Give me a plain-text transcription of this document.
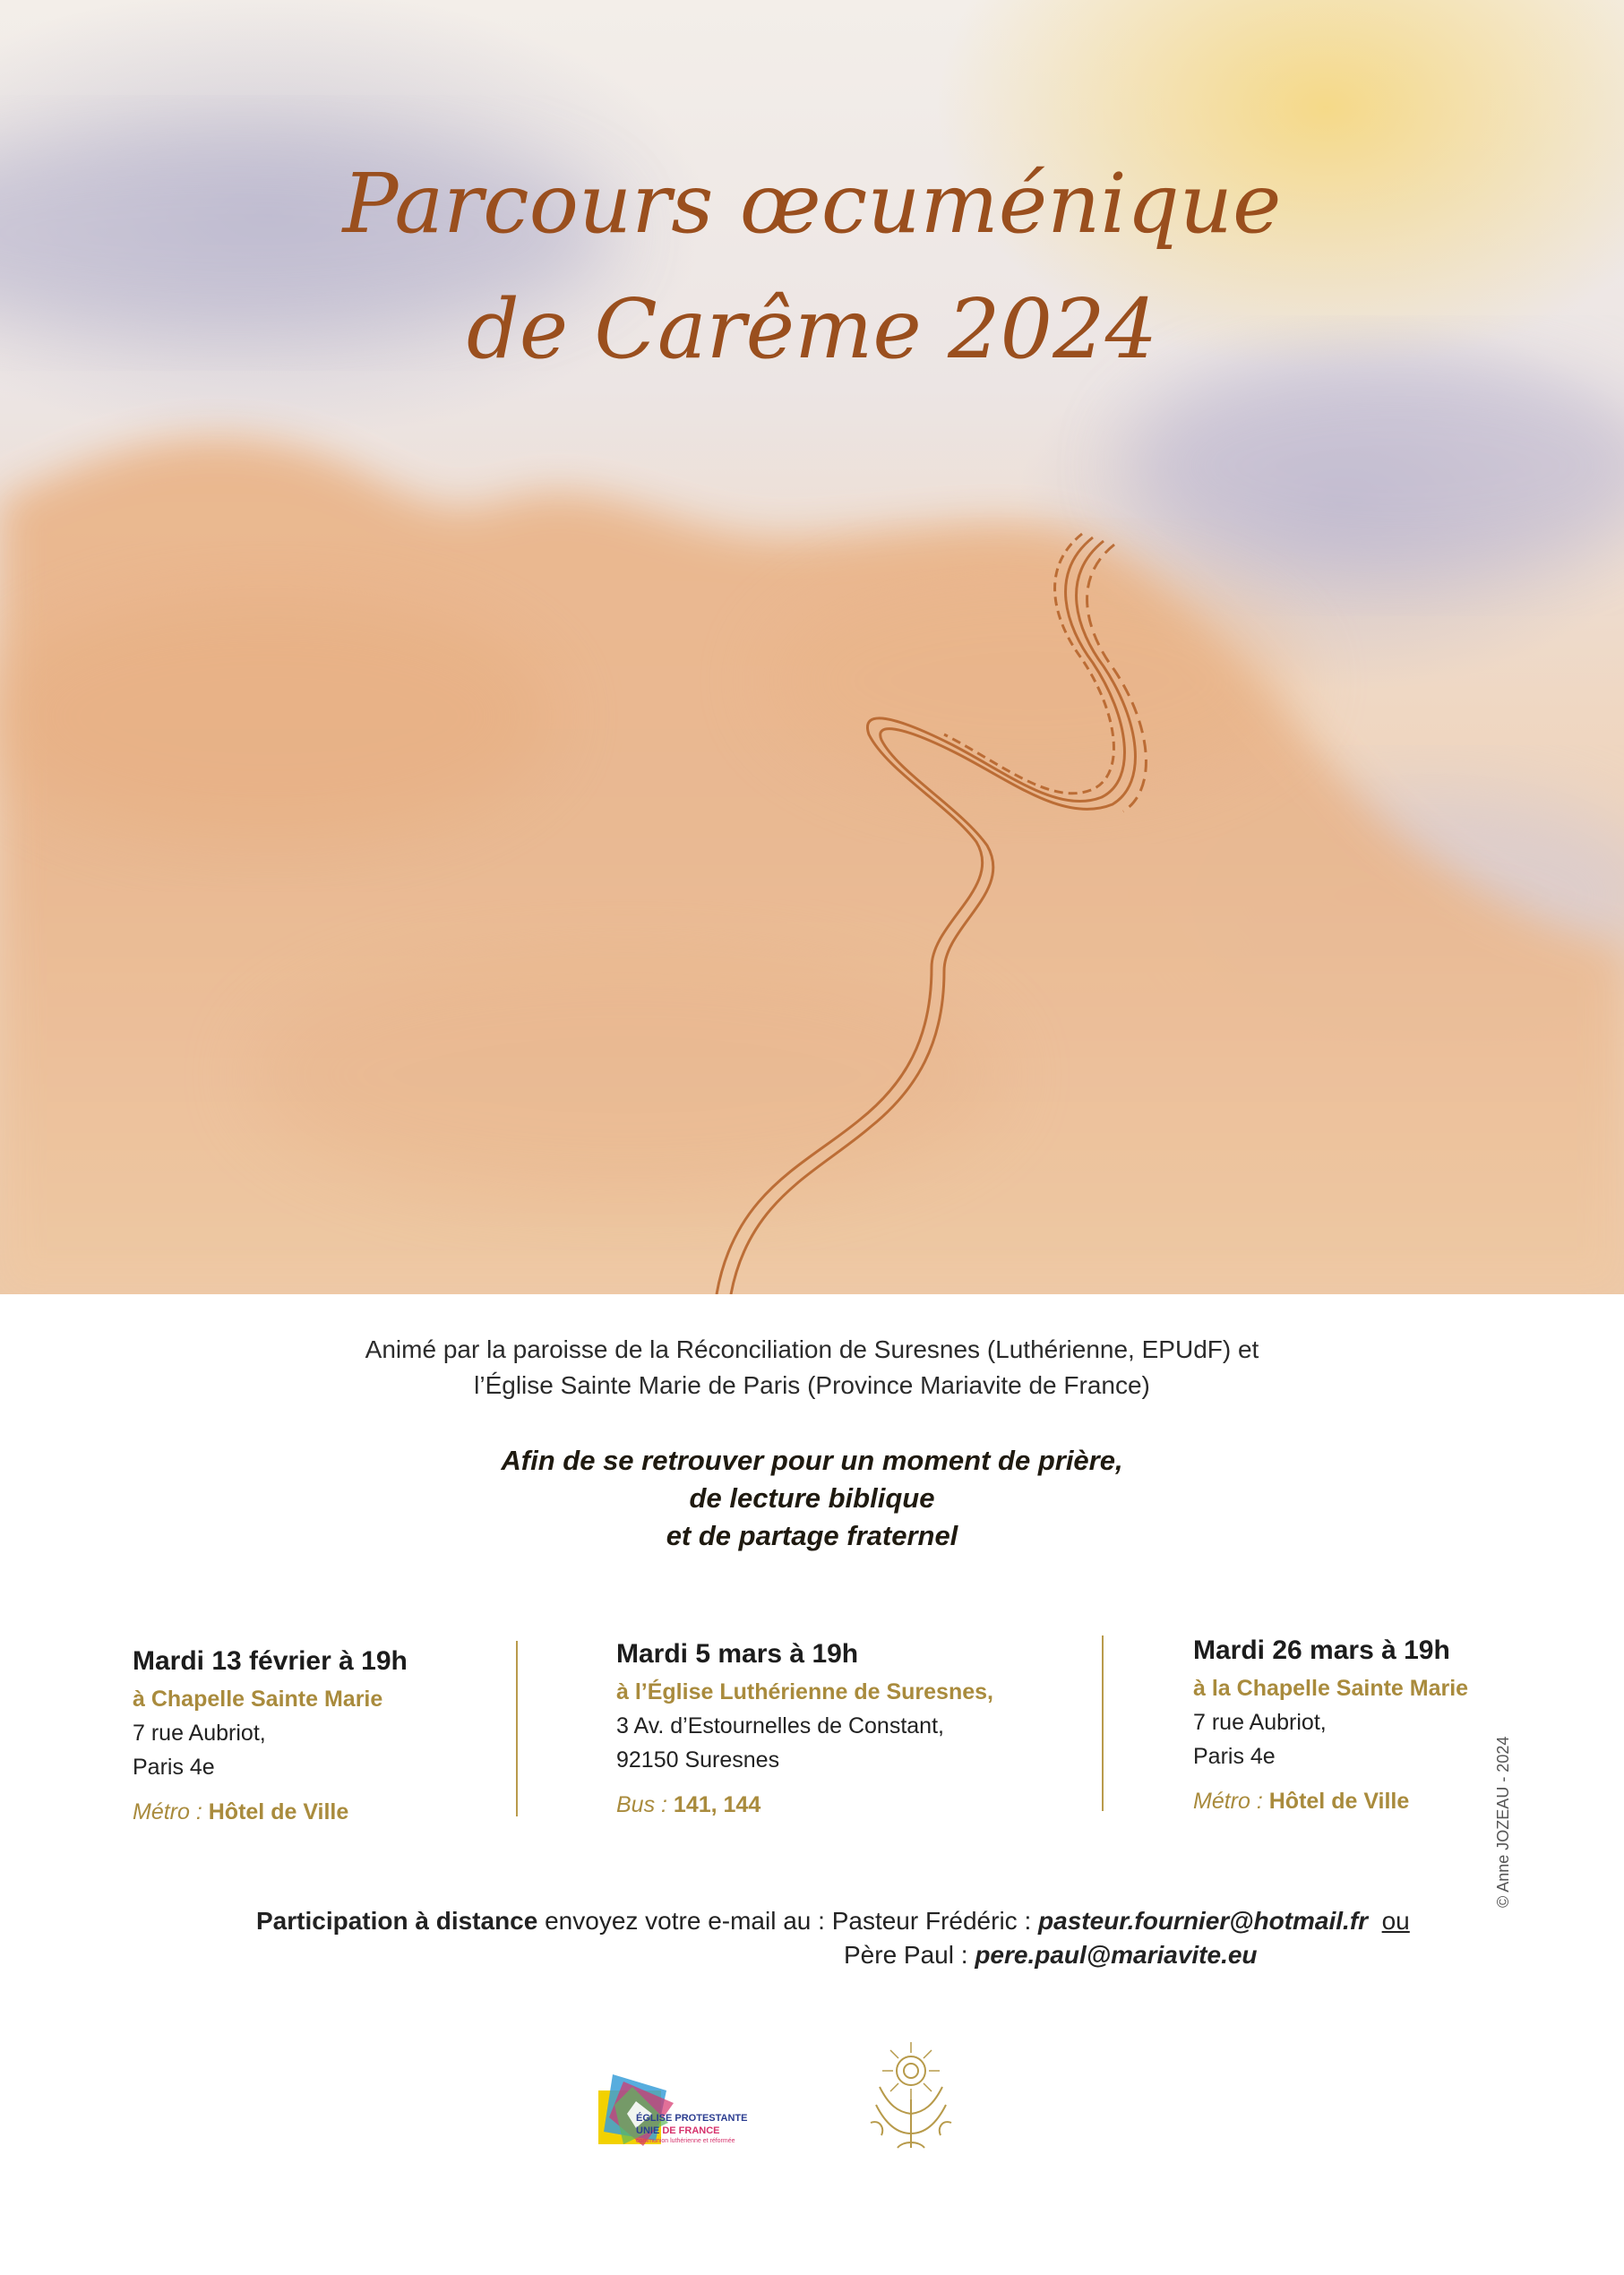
Parcours œcuménique
de Carême 2024
Animé par la paroisse de la Réconciliation de Suresnes (Luthérienne, EPUdF) et
l’Église Sainte Marie de Paris (Province Mariavite de France)
Afin de se retrouver pour un moment de prière,
de lecture biblique
et de partage fraternel
Mardi 13 février à 19h
à Chapelle Sainte Marie
7 rue Aubriot,
Paris 4e
Métro : Hôtel de Ville
Mardi 5 mars à 19h
à l’Église Luthérienne de Suresnes,
3 Av. d’Estournelles de Constant,
92150 Suresnes
Bus : 141, 144
Mardi 26 mars à 19h
à la Chapelle Sainte Marie
7 rue Aubriot,
Paris 4e
Métro : Hôtel de Ville	© Anne JOZEAU - 2024
Participation à distance envoyez votre e-mail au : Pasteur Frédéric : pasteur.fournier@hotmail.fr ou
Père Paul : pere.paul@mariavite.eu
ÉGLISE PROTESTANTE
UNIE DE FRANCE
communion luthérienne et réformée
